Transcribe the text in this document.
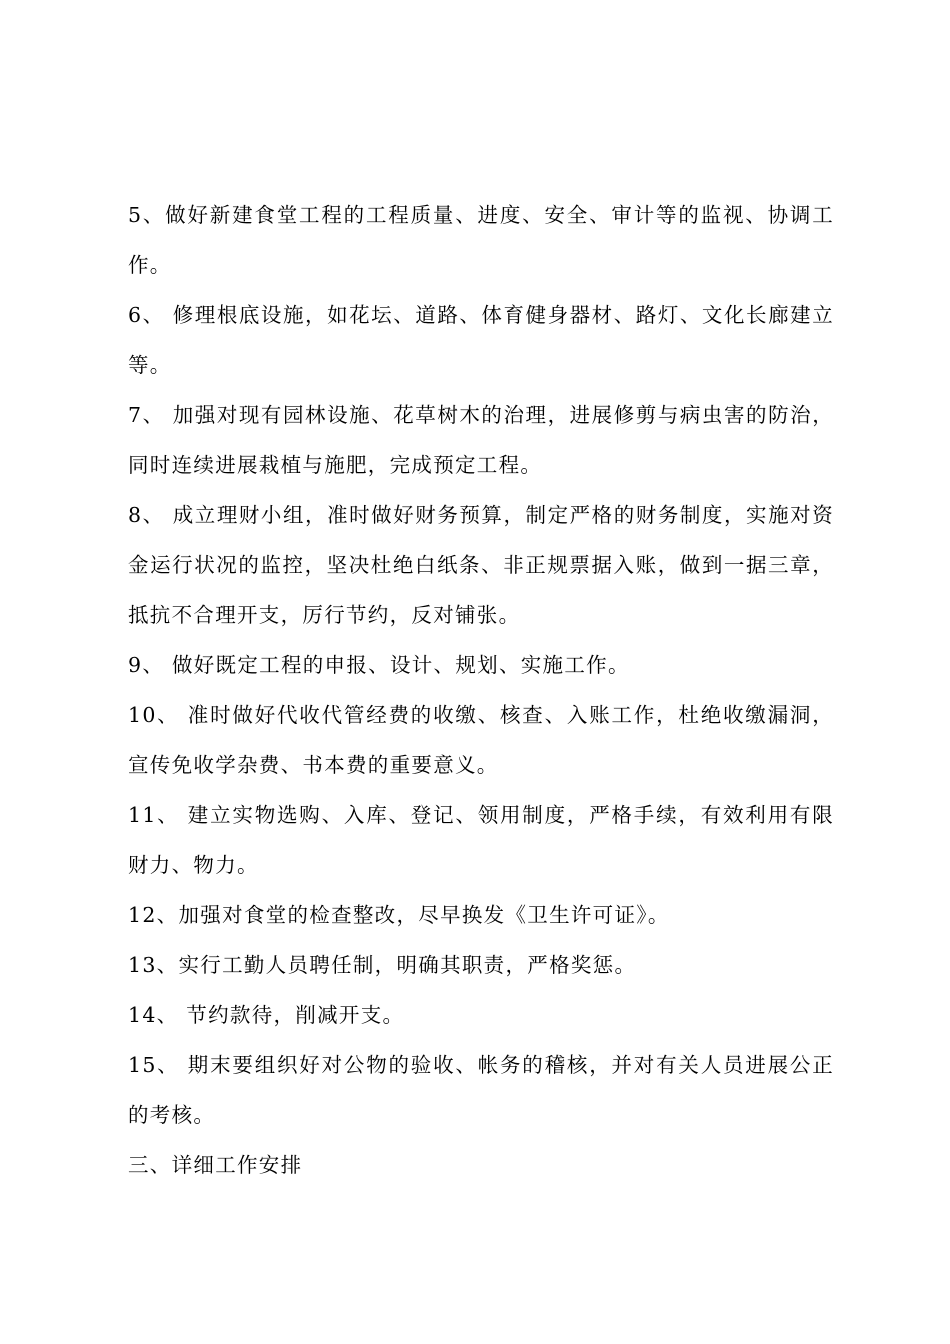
5、做好新建食堂工程的工程质量、进度、安全、审计等的监视、协调工作。

6、 修理根底设施，如花坛、道路、体育健身器材、路灯、文化长廊建立等。

7、 加强对现有园林设施、花草树木的治理，进展修剪与病虫害的防治，同时连续进展栽植与施肥，完成预定工程。

8、 成立理财小组，准时做好财务预算，制定严格的财务制度，实施对资金运行状况的监控，坚决杜绝白纸条、非正规票据入账，做到一据三章，抵抗不合理开支，厉行节约，反对铺张。

9、 做好既定工程的申报、设计、规划、实施工作。

10、 准时做好代收代管经费的收缴、核查、入账工作，杜绝收缴漏洞，宣传免收学杂费、书本费的重要意义。

11、 建立实物选购、入库、登记、领用制度，严格手续，有效利用有限财力、物力。

12、加强对食堂的检查整改，尽早换发《卫生许可证》。

13、实行工勤人员聘任制，明确其职责，严格奖惩。

14、 节约款待，削减开支。

15、 期末要组织好对公物的验收、帐务的稽核，并对有关人员进展公正的考核。

三、详细工作安排
